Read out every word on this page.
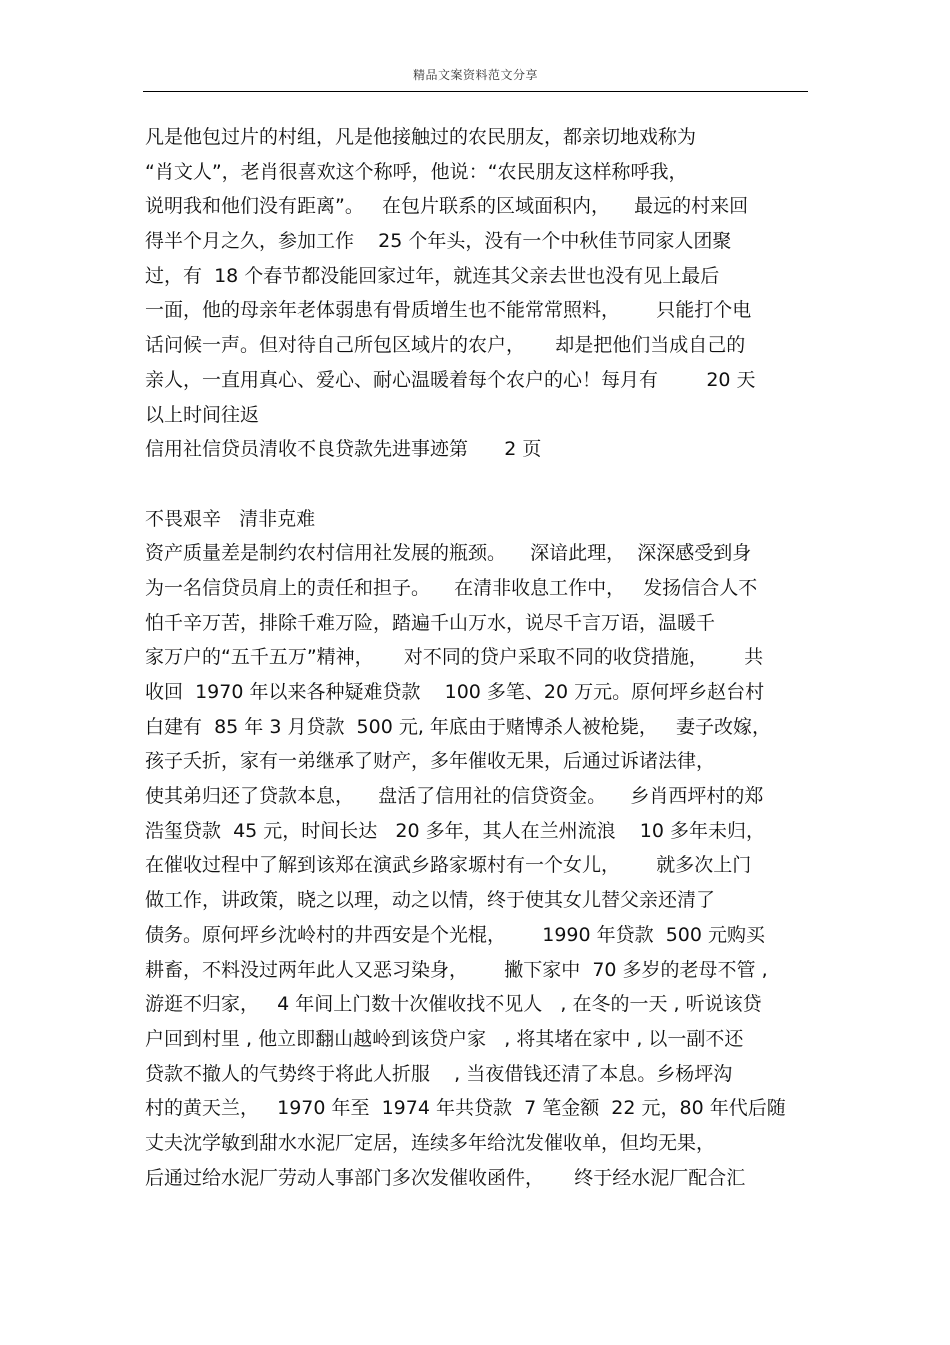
精品文案资料范文分享
凡是他包过片的村组，凡是他接触过的农民朋友，都亲切地戏称为
“肖文人”，老肖很喜欢这个称呼，他说：“农民朋友这样称呼我，
说明我和他们没有距离”。   在包片联系的区域面积内，    最远的村来回
得半个月之久，参加工作    25 个年头，没有一个中秋佳节同家人团聚
过，有  18 个春节都没能回家过年，就连其父亲去世也没有见上最后
一面，他的母亲年老体弱患有骨质增生也不能常常照料，      只能打个电
话问候一声。但对待自己所包区域片的农户，     却是把他们当成自己的
亲人，一直用真心、爱心、耐心温暖着每个农户的心！每月有        20 天
以上时间往返
信用社信贷员清收不良贷款先进事迹第      2 页
不畏艰辛   清非克难
资产质量差是制约农村信用社发展的瓶颈。    深谙此理，  深深感受到身
为一名信贷员肩上的责任和担子。    在清非收息工作中，   发扬信合人不
怕千辛万苦，排除千难万险，踏遍千山万水，说尽千言万语，温暖千
家万户的“五千五万”精神，     对不同的贷户采取不同的收贷措施，      共
收回  1970 年以来各种疑难贷款    100 多笔、20 万元。原何坪乡赵台村
白建有  85 年 3 月贷款  500 元, 年底由于赌博杀人被枪毙，   妻子改嫁，
孩子夭折，家有一弟继承了财产，多年催收无果，后通过诉诸法律，
使其弟归还了贷款本息，    盘活了信用社的信贷资金。    乡肖西坪村的郑
浩玺贷款  45 元，时间长达   20 多年，其人在兰州流浪    10 多年未归，
在催收过程中了解到该郑在演武乡路家塬村有一个女儿，      就多次上门
做工作，讲政策，晓之以理，动之以情，终于使其女儿替父亲还清了
债务。原何坪乡沈岭村的井西安是个光棍，      1990 年贷款  500 元购买
耕畜，不料没过两年此人又恶习染身，      撇下家中  70 多岁的老母不管 ,
游逛不归家，   4 年间上门数十次催收找不见人   , 在冬的一天 , 听说该贷
户回到村里 , 他立即翻山越岭到该贷户家   , 将其堵在家中 , 以一副不还
贷款不撤人的气势终于将此人折服    , 当夜借钱还清了本息。乡杨坪沟
村的黄天兰，   1970 年至  1974 年共贷款  7 笔金额  22 元，80 年代后随
丈夫沈学敏到甜水水泥厂定居，连续多年给沈发催收单，但均无果，
后通过给水泥厂劳动人事部门多次发催收函件，     终于经水泥厂配合汇
